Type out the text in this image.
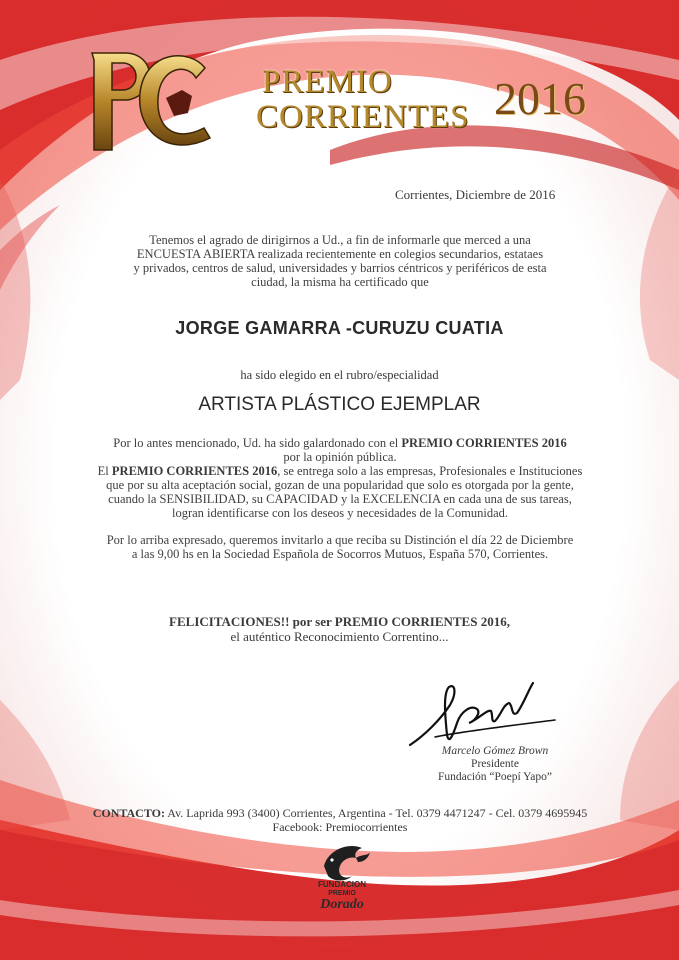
PREMIO
CORRIENTES 2016
Corrientes, Diciembre de 2016
Tenemos el agrado de dirigirnos a Ud., a fin de informarle que merced a una
ENCUESTA ABIERTA realizada recientemente en colegios secundarios, estataes
y privados, centros de salud, universidades y barrios céntricos y periféricos de esta
ciudad, la misma ha certificado que
JORGE GAMARRA -CURUZU CUATIA
ha sido elegido en el rubro/especialidad
ARTISTA PLÁSTICO EJEMPLAR
Por lo antes mencionado, Ud. ha sido galardonado con el PREMIO CORRIENTES 2016
por la opinión pública.
El PREMIO CORRIENTES 2016, se entrega solo a las empresas, Profesionales e Instituciones
que por su alta aceptación social, gozan de una popularidad que solo es otorgada por la gente,
cuando la SENSIBILIDAD, su CAPACIDAD y la EXCELENCIA en cada una de sus tareas,
logran identificarse con los deseos y necesidades de la Comunidad.
Por lo arriba expresado, queremos invitarlo a que reciba su Distinción el día 22 de Diciembre
a las 9,00 hs en la Sociedad Española de Socorros Mutuos, España 570, Corrientes.
FELICITACIONES!! por ser PREMIO CORRIENTES 2016,
el auténtico Reconocimiento Correntino...
Marcelo Gómez Brown
Presidente
Fundación “Poepí Yapo”
CONTACTO: Av. Laprida 993 (3400) Corrientes, Argentina - Tel. 0379 4471247 - Cel. 0379 4695945
Facebook: Premiocorrientes
FUNDACION
PREMIO
Dorado
